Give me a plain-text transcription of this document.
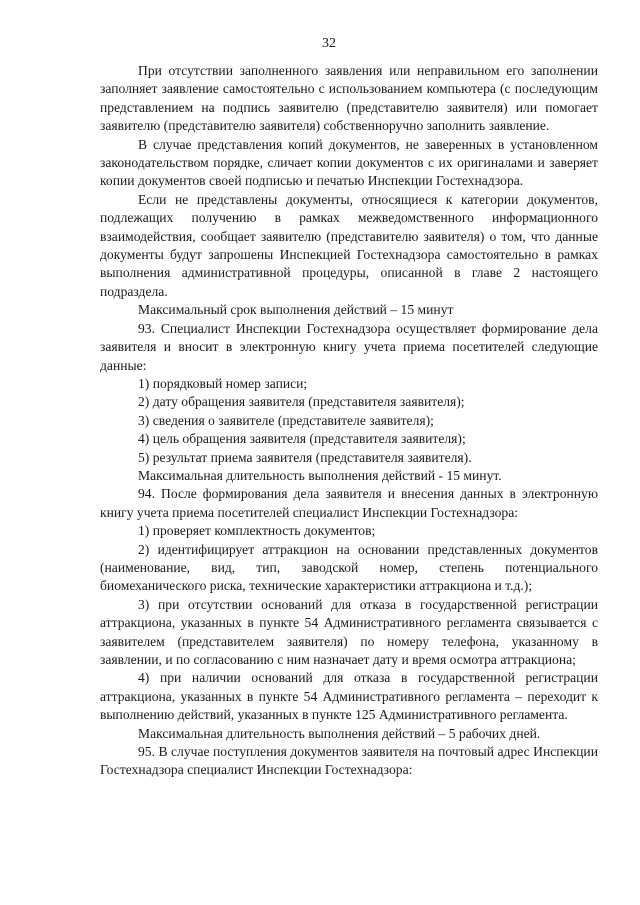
32

При отсутствии заполненного заявления или неправильном его заполнении заполняет заявление самостоятельно с использованием компьютера (с последующим представлением на подпись заявителю (представителю заявителя) или помогает заявителю (представителю заявителя) собственноручно заполнить заявление.

В случае представления копий документов, не заверенных в установленном законодательством порядке, сличает копии документов с их оригиналами и заверяет копии документов своей подписью и печатью Инспекции Гостехнадзора.

Если не представлены документы, относящиеся к категории документов, подлежащих получению в рамках межведомственного информационного взаимодействия, сообщает заявителю (представителю заявителя) о том, что данные документы будут запрошены Инспекцией Гостехнадзора самостоятельно в рамках выполнения административной процедуры, описанной в главе 2 настоящего подраздела.

Максимальный срок выполнения действий – 15 минут

93. Специалист Инспекции Гостехнадзора осуществляет формирование дела заявителя и вносит в электронную книгу учета приема посетителей следующие данные:

1) порядковый номер записи;

2) дату обращения заявителя (представителя заявителя);

3) сведения о заявителе (представителе заявителя);

4) цель обращения заявителя (представителя заявителя);

5) результат приема заявителя (представителя заявителя).

Максимальная длительность выполнения действий - 15 минут.

94. После формирования дела заявителя и внесения данных в электронную книгу учета приема посетителей специалист Инспекции Гостехнадзора:

1) проверяет комплектность документов;

2) идентифицирует аттракцион на основании представленных документов (наименование, вид, тип, заводской номер, степень потенциального биомеханического риска, технические характеристики аттракциона и т.д.);

3) при отсутствии оснований для отказа в государственной регистрации аттракциона, указанных в пункте 54 Административного регламента связывается с заявителем (представителем заявителя) по номеру телефона, указанному в заявлении, и по согласованию с ним назначает дату и время осмотра аттракциона;

4) при наличии оснований для отказа в государственной регистрации аттракциона, указанных в пункте 54 Административного регламента – переходит к выполнению действий, указанных в пункте 125 Административного регламента.

Максимальная длительность выполнения действий – 5 рабочих дней.

95. В случае поступления документов заявителя на почтовый адрес Инспекции Гостехнадзора специалист Инспекции Гостехнадзора:
